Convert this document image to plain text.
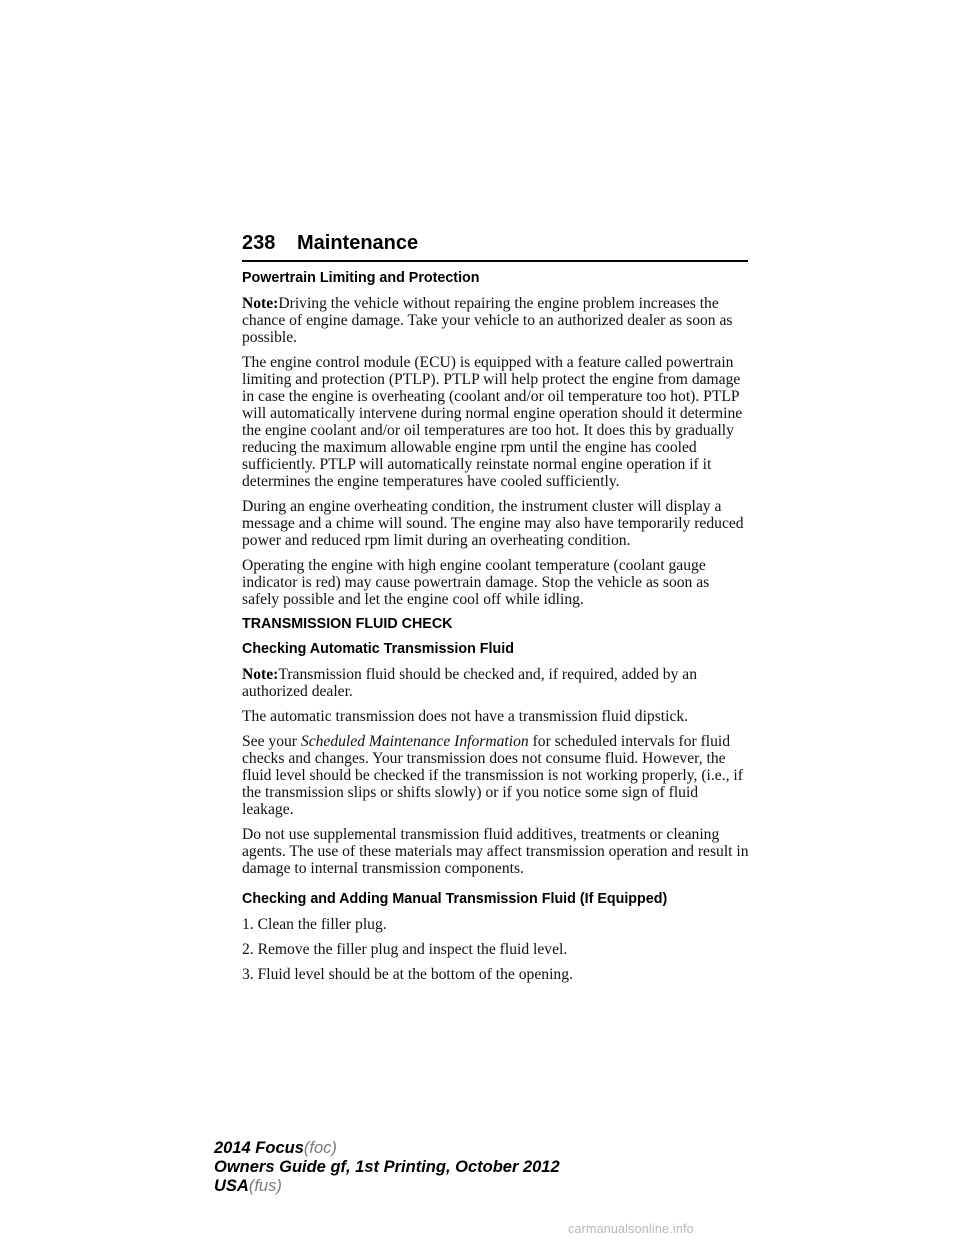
238 Maintenance

Powertrain Limiting and Protection

Note:Driving the vehicle without repairing the engine problem increases the chance of engine damage. Take your vehicle to an authorized dealer as soon as possible.

The engine control module (ECU) is equipped with a feature called powertrain limiting and protection (PTLP). PTLP will help protect the engine from damage in case the engine is overheating (coolant and/or oil temperature too hot). PTLP will automatically intervene during normal engine operation should it determine the engine coolant and/or oil temperatures are too hot. It does this by gradually reducing the maximum allowable engine rpm until the engine has cooled sufficiently. PTLP will automatically reinstate normal engine operation if it determines the engine temperatures have cooled sufficiently.

During an engine overheating condition, the instrument cluster will display a message and a chime will sound. The engine may also have temporarily reduced power and reduced rpm limit during an overheating condition.

Operating the engine with high engine coolant temperature (coolant gauge indicator is red) may cause powertrain damage. Stop the vehicle as soon as safely possible and let the engine cool off while idling.

TRANSMISSION FLUID CHECK

Checking Automatic Transmission Fluid

Note:Transmission fluid should be checked and, if required, added by an authorized dealer.

The automatic transmission does not have a transmission fluid dipstick.

See your Scheduled Maintenance Information for scheduled intervals for fluid checks and changes. Your transmission does not consume fluid. However, the fluid level should be checked if the transmission is not working properly, (i.e., if the transmission slips or shifts slowly) or if you notice some sign of fluid leakage.

Do not use supplemental transmission fluid additives, treatments or cleaning agents. The use of these materials may affect transmission operation and result in damage to internal transmission components.

Checking and Adding Manual Transmission Fluid (If Equipped)

1. Clean the filler plug.

2. Remove the filler plug and inspect the fluid level.

3. Fluid level should be at the bottom of the opening.

2014 Focus(foc)
Owners Guide gf, 1st Printing, October 2012
USA(fus)
carmanualsonline.info
